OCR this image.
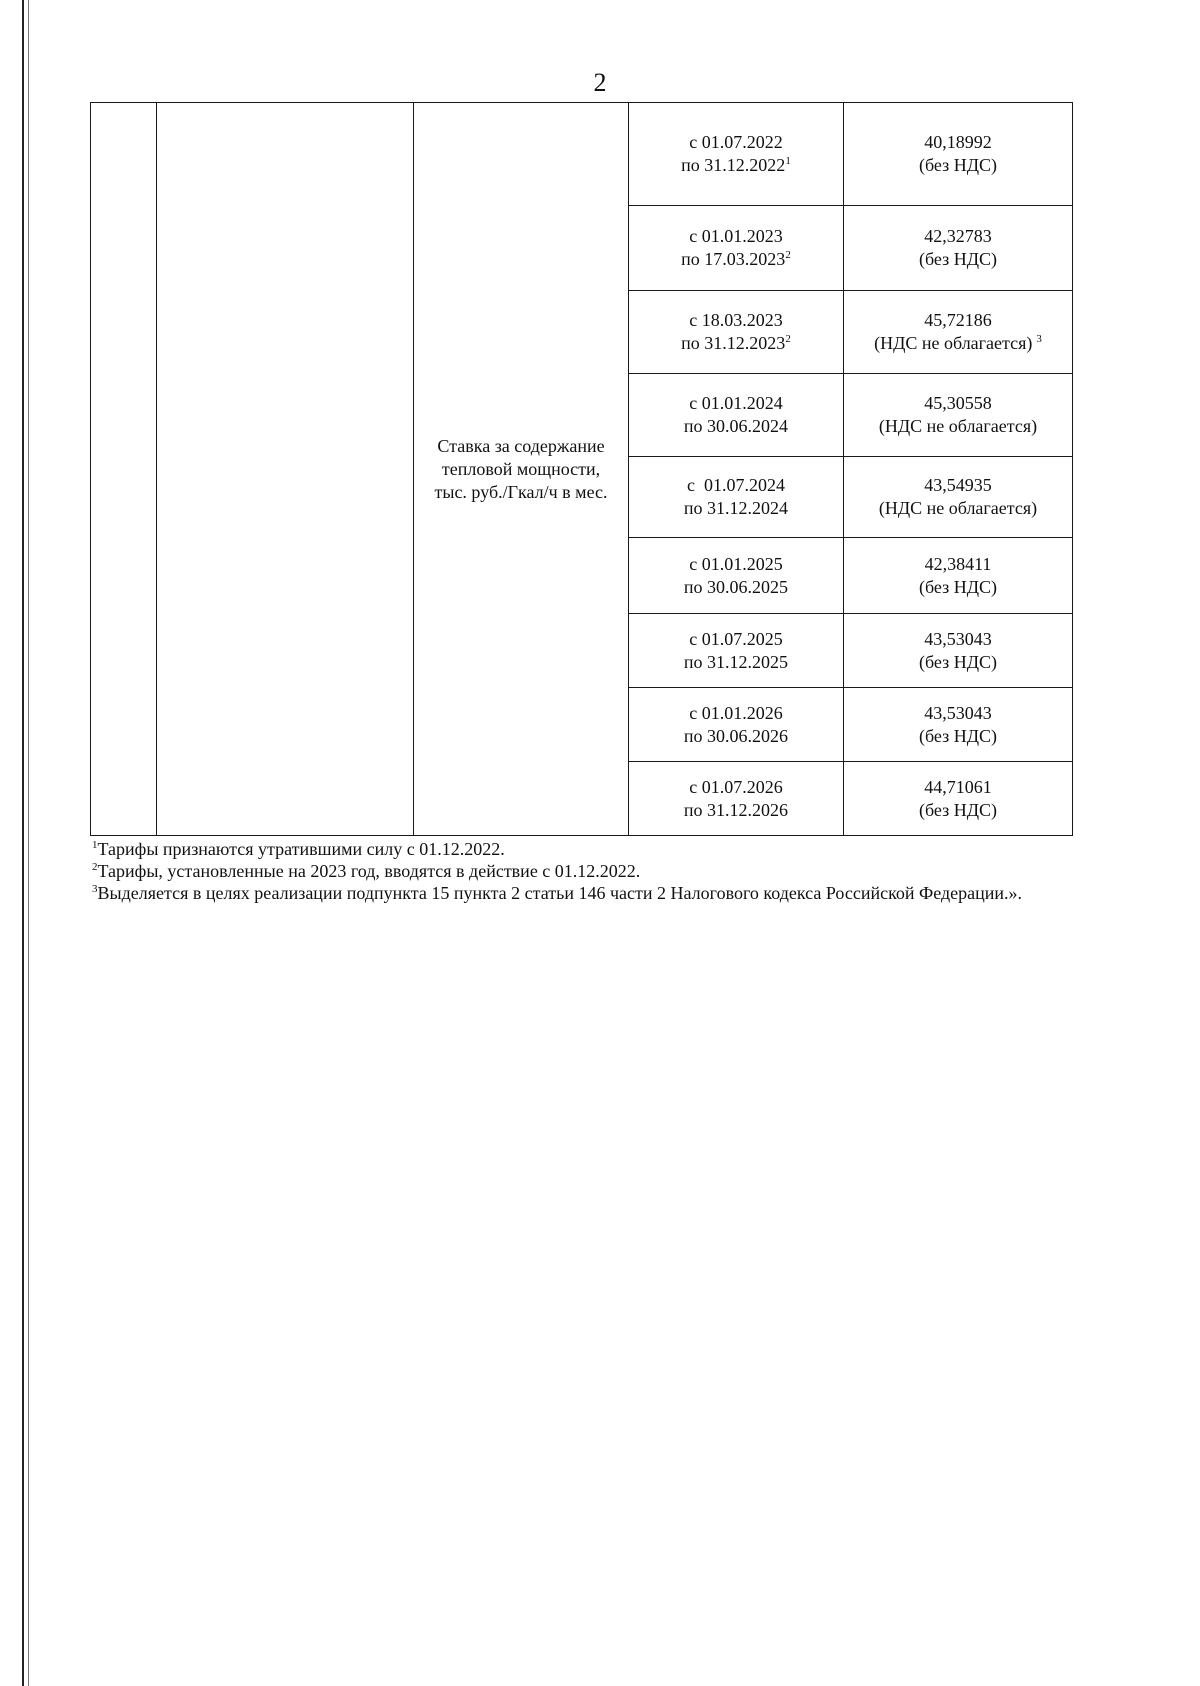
2
		Ставка за содержание тепловой мощности, тыс. руб./Гкал/ч в мес.	с 01.07.2022
по 31.12.2022$^1$	40,18992
(без НДС)

			с 01.01.2023
по 17.03.2023$^2$	42,32783
(без НДС)

			с 18.03.2023
по 31.12.2023$^2$	45,72186
(НДС не облагается) $^3$

			с 01.01.2024
по 30.06.2024	45,30558
(НДС не облагается)

			с  01.07.2024
по 31.12.2024	43,54935
(НДС не облагается)

			с 01.01.2025
по 30.06.2025	42,38411
(без НДС)

			с 01.07.2025
по 31.12.2025	43,53043
(без НДС)

			с 01.01.2026
по 30.06.2026	43,53043
(без НДС)

			с 01.07.2026
по 31.12.2026	44,71061
(без НДС)
$^1$Тарифы признаются утратившими силу с 01.12.2022.
$^2$Тарифы, установленные на 2023 год, вводятся в действие с 01.12.2022.
$^3$Выделяется в целях реализации подпункта 15 пункта 2 статьи 146 части 2 Налогового кодекса Российской Федерации.».
